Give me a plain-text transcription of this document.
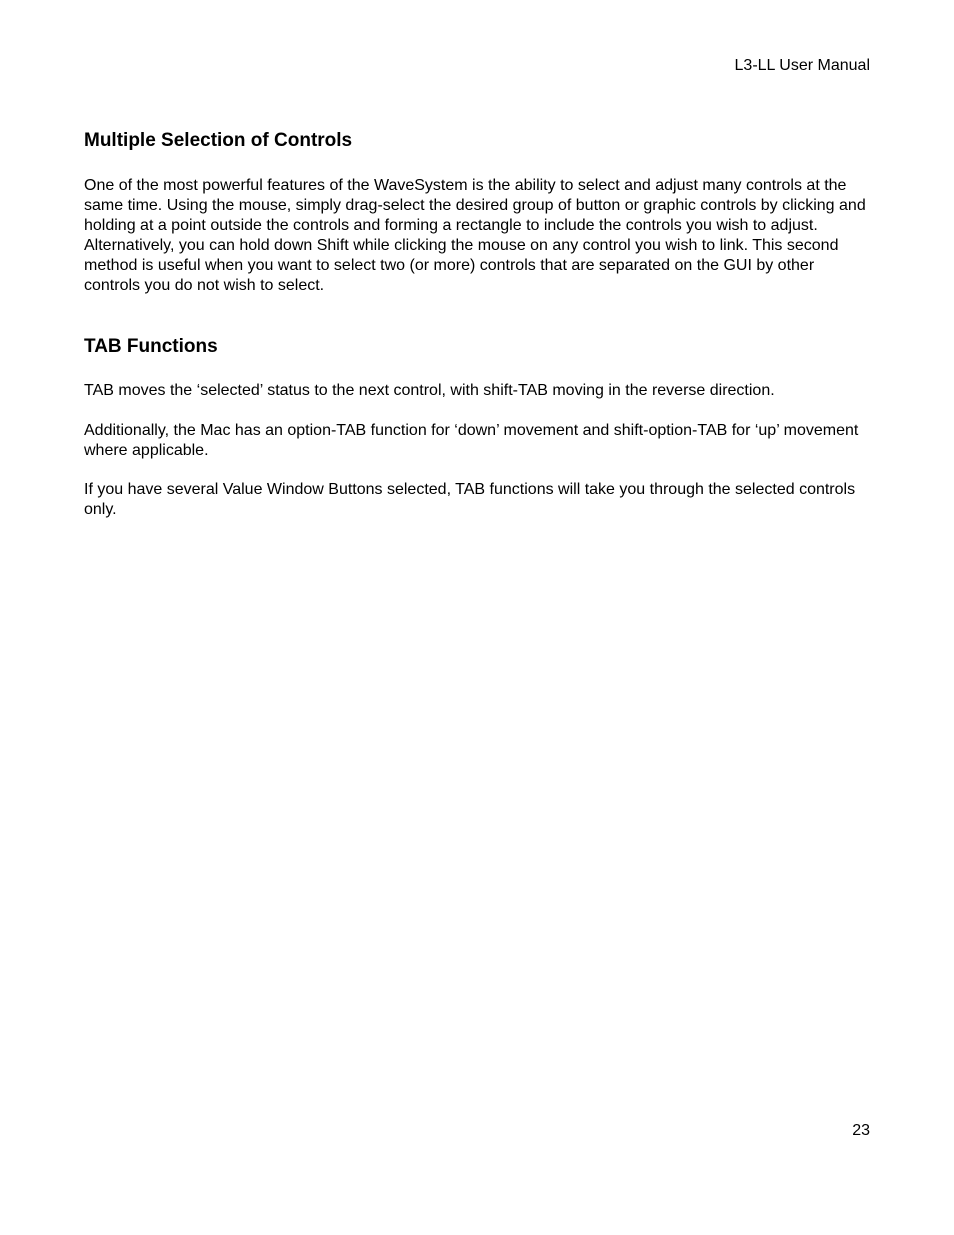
L3-LL User Manual
Multiple Selection of Controls

One of the most powerful features of the WaveSystem is the ability to select and adjust many controls at the same time. Using the mouse, simply drag-select the desired group of button or graphic controls by clicking and holding at a point outside the controls and forming a rectangle to include the controls you wish to adjust. Alternatively, you can hold down Shift while clicking the mouse on any control you wish to link. This second method is useful when you want to select two (or more) controls that are separated on the GUI by other controls you do not wish to select.

TAB Functions

TAB moves the ‘selected’ status to the next control, with shift-TAB moving in the reverse direction.

Additionally, the Mac has an option-TAB function for ‘down’ movement and shift-option-TAB for ‘up’ movement where applicable.

If you have several Value Window Buttons selected, TAB functions will take you through the selected controls only.

23
